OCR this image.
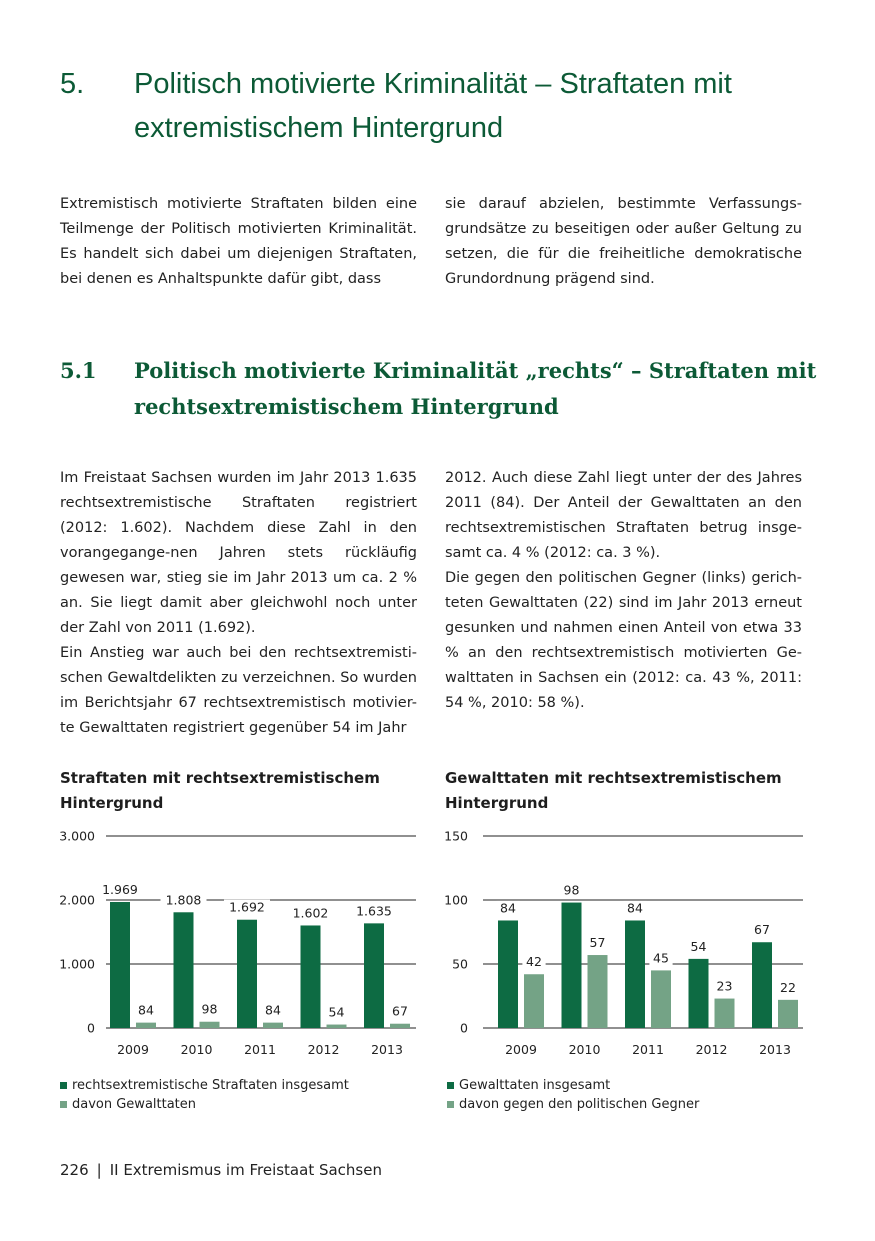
5. Politisch motivierte Kriminalität – Straftaten mit extremistischem Hintergrund

Extremistisch motivierte Straftaten bilden eine Teilmenge der Politisch motivierten Kriminalität. Es handelt sich dabei um diejenigen Straftaten, bei denen es Anhaltspunkte dafür gibt, dass

sie darauf abzielen, bestimmte Verfassungs-grundsätze zu beseitigen oder außer Geltung zu setzen, die für die freiheitliche demokratische Grundordnung prägend sind.

5.1 Politisch motivierte Kriminalität „rechts“ – Straftaten mit rechtsextremistischem Hintergrund

Im Freistaat Sachsen wurden im Jahr 2013 1.635 rechtsextremistische Straftaten registriert (2012: 1.602). Nachdem diese Zahl in den vorangegange-nen Jahren stets rückläufig gewesen war, stieg sie im Jahr 2013 um ca. 2 % an. Sie liegt damit aber gleichwohl noch unter der Zahl von 2011 (1.692).

Ein Anstieg war auch bei den rechtsextremisti-schen Gewaltdelikten zu verzeichnen. So wurden im Berichtsjahr 67 rechtsextremistisch motivier-te Gewalttaten registriert gegenüber 54 im Jahr

2012. Auch diese Zahl liegt unter der des Jahres 2011 (84). Der Anteil der Gewalttaten an den rechtsextremistischen Straftaten betrug insge-samt ca. 4 % (2012: ca. 3 %).

Die gegen den politischen Gegner (links) gerich-teten Gewalttaten (22) sind im Jahr 2013 erneut gesunken und nahmen einen Anteil von etwa 33 % an den rechtsextremistisch motivierten Ge-walttaten in Sachsen ein (2012: ca. 43 %, 2011: 54 %, 2010: 58 %).

Straftaten mit rechtsextremistischem Hintergrund
Gewalttaten mit rechtsextremistischem Hintergrund
0
1.000
2.000
3.000
1.969
84
2009
1.808
98
2010
1.692
84
2011
1.602
54
2012
1.635
67
2013
0
50
100
150
84
42
2009
98
57
2010
84
45
2011
54
23
2012
67
22
2013
rechtsextremistische Straftaten insgesamt
davon Gewalttaten
Gewalttaten insgesamt
davon gegen den politischen Gegner
226 | II Extremismus im Freistaat Sachsen
